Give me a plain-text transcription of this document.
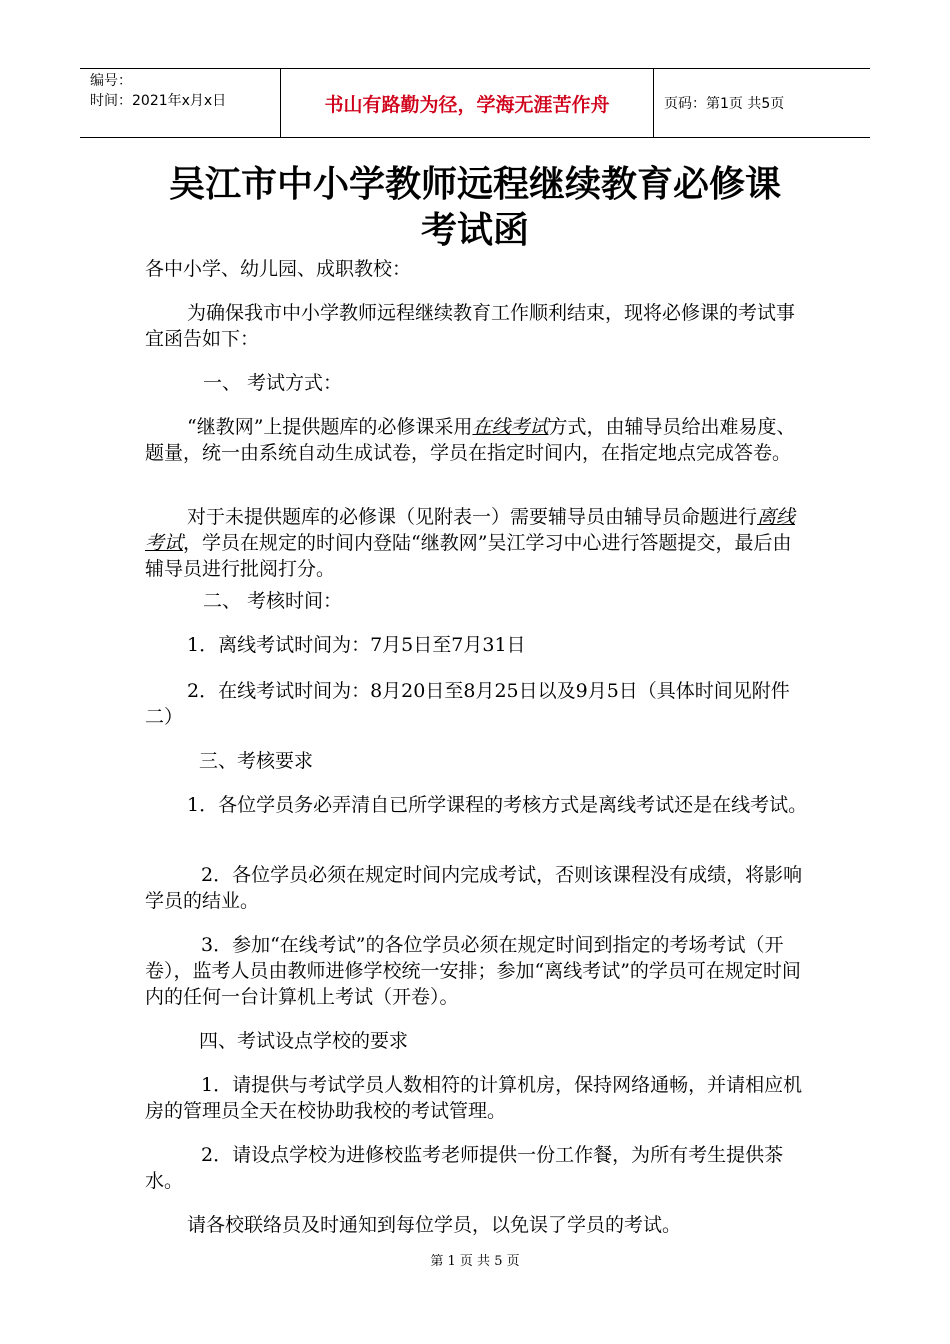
编号：
时间：2021年x月x日	书山有路勤为径，学海无涯苦作舟	页码：第1页 共5页
吴江市中小学教师远程继续教育必修课
考试函

各中小学、幼儿园、成职教校：

为确保我市中小学教师远程继续教育工作顺利结束，现将必修课的考试事宜函告如下：

一、 考试方式：

“继教网”上提供题库的必修课采用在线考试方式，由辅导员给出难易度、题量，统一由系统自动生成试卷，学员在指定时间内，在指定地点完成答卷。

对于未提供题库的必修课（见附表一）需要辅导员由辅导员命题进行离线考试，学员在规定的时间内登陆“继教网”吴江学习中心进行答题提交，最后由辅导员进行批阅打分。

二、 考核时间：

1．离线考试时间为：7月5日至7月31日

2．在线考试时间为：8月20日至8月25日以及9月5日（具体时间见附件二）

三、考核要求

1．各位学员务必弄清自已所学课程的考核方式是离线考试还是在线考试。

2．各位学员必须在规定时间内完成考试，否则该课程没有成绩，将影响学员的结业。

3．参加“在线考试”的各位学员必须在规定时间到指定的考场考试（开卷），监考人员由教师进修学校统一安排；参加“离线考试”的学员可在规定时间内的任何一台计算机上考试（开卷）。

四、考试设点学校的要求

1．请提供与考试学员人数相符的计算机房，保持网络通畅，并请相应机房的管理员全天在校协助我校的考试管理。

2．请设点学校为进修校监考老师提供一份工作餐，为所有考生提供茶水。

请各校联络员及时通知到每位学员，以免误了学员的考试。

第 1 页 共 5 页
